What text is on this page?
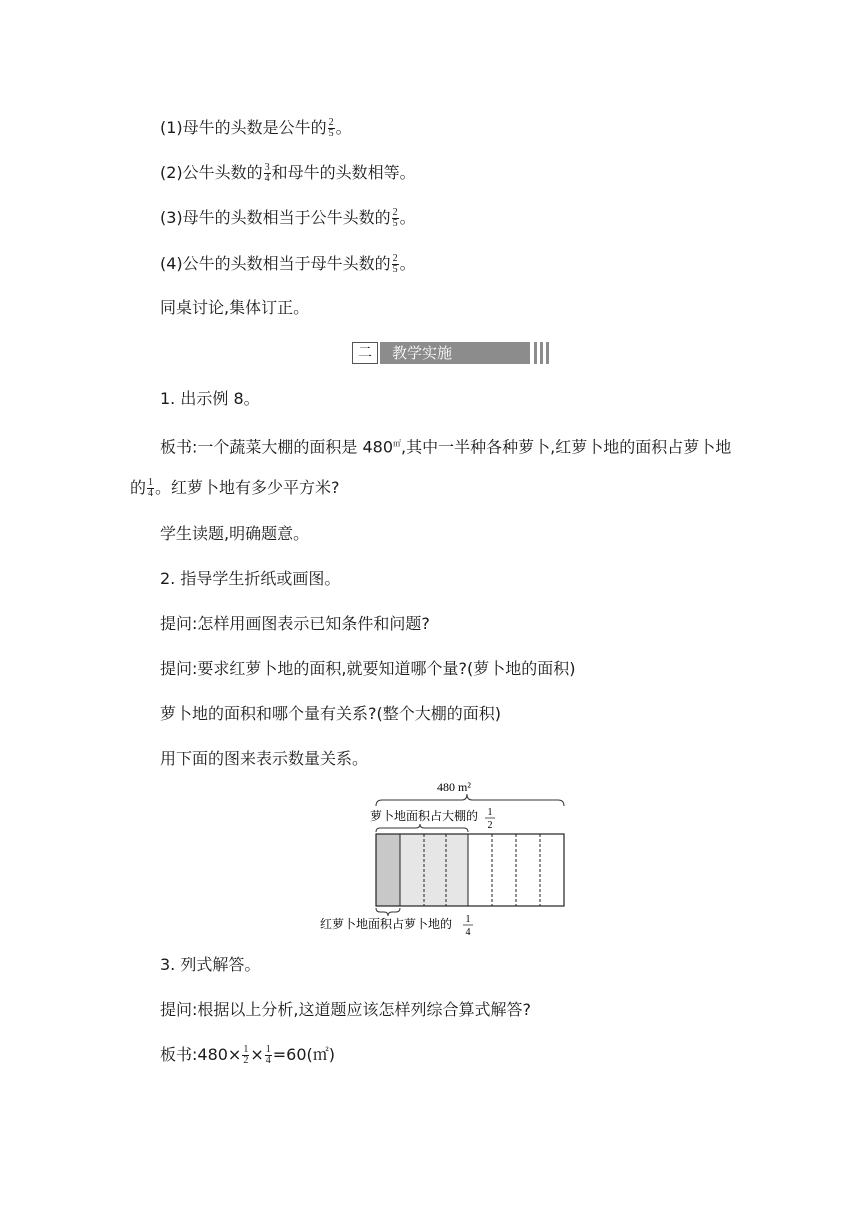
(1)母牛的头数是公牛的 $\frac{2}{5}$ 。
(2)公牛头数的 $\frac{3}{4}$ 和母牛的头数相等。
(3)母牛的头数相当于公牛头数的 $\frac{2}{5}$ 。
(4)公牛的头数相当于母牛头数的 $\frac{2}{5}$ 。
同桌讨论,集体订正。
二	教学实施
1. 出示例 8。
板书:一个蔬菜大棚的面积是 480㎡,其中一半种各种萝卜,红萝卜地的面积占萝卜地
的 $\frac{1}{4}$ 。红萝卜地有多少平方米?
学生读题,明确题意。
2. 指导学生折纸或画图。
提问:怎样用画图表示已知条件和问题?
提问:要求红萝卜地的面积,就要知道哪个量?(萝卜地的面积)
萝卜地的面积和哪个量有关系?(整个大棚的面积)
用下面的图来表示数量关系。
480 m²
萝卜地面积占大棚的 1
2
红萝卜地面积占萝卜地的 1
4
3. 列式解答。
提问:根据以上分析,这道题应该怎样列综合算式解答?
板书:480× $\frac{1}{2} \times \frac{1}{4}$ =60(㎡)
